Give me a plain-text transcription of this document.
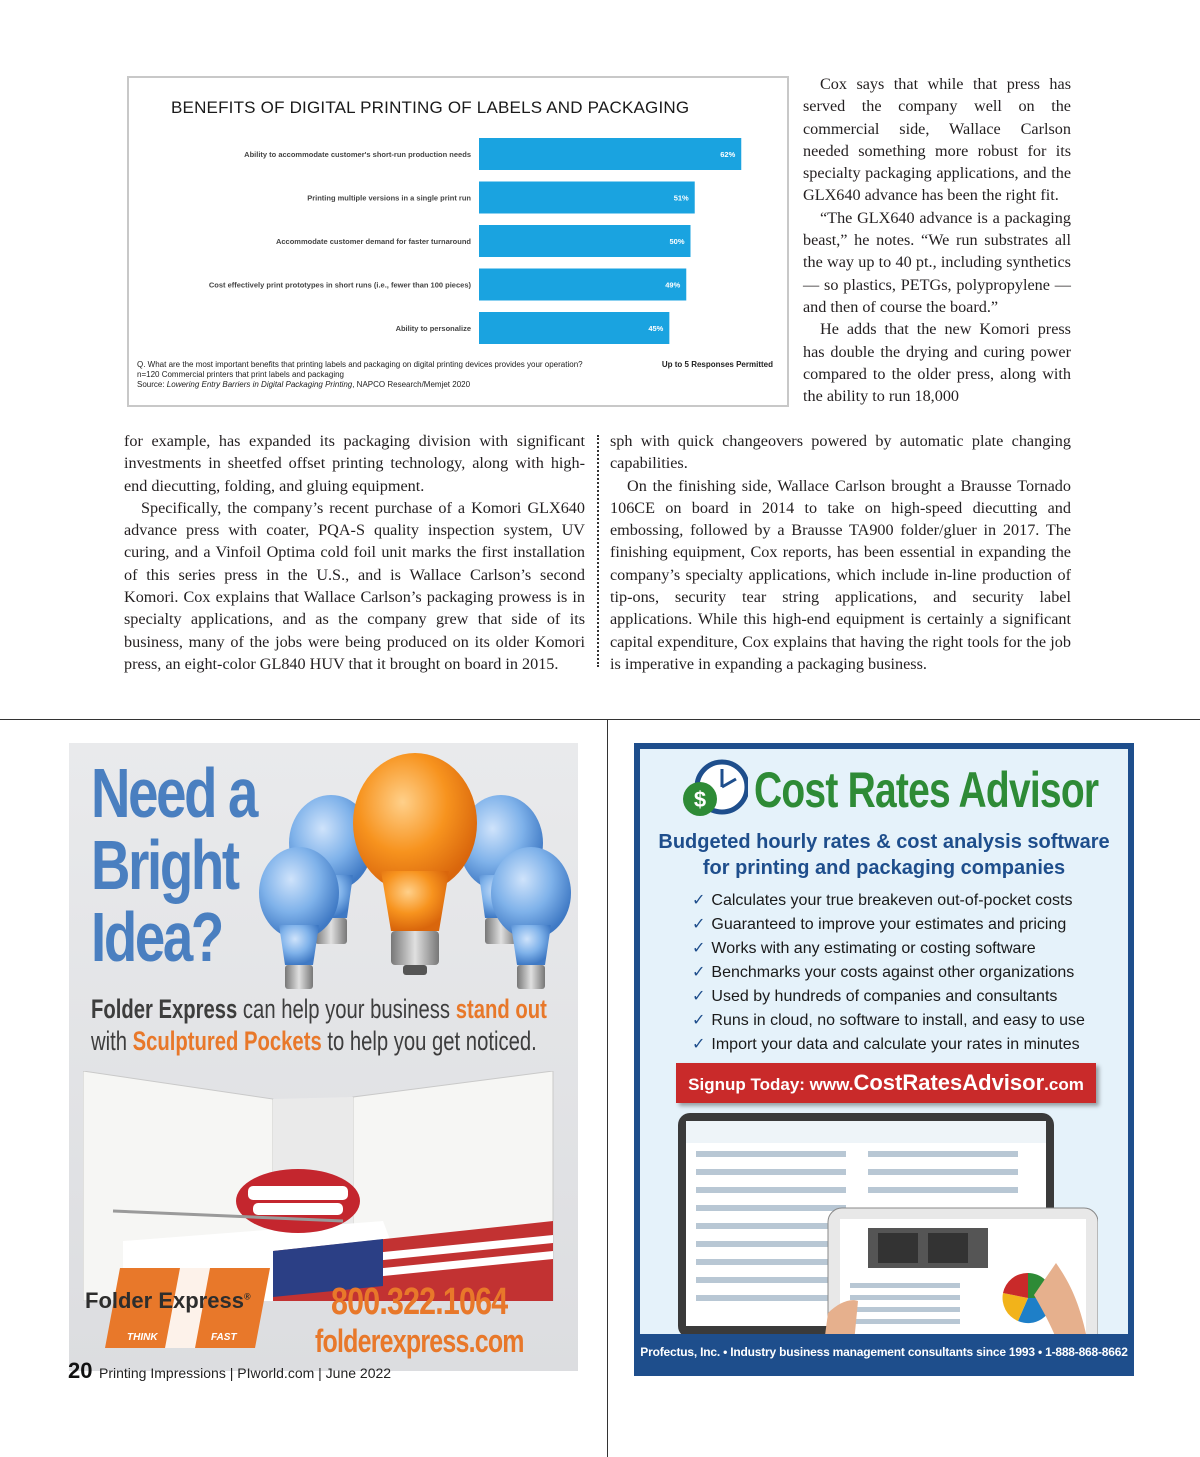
BENEFITS OF DIGITAL PRINTING OF LABELS AND PACKAGING
Ability to accommodate customer's short-run production needs	62%
Printing multiple versions in a single print run	51%
Accommodate customer demand for faster turnaround	50%
Cost effectively print prototypes in short runs (i.e., fewer than 100 pieces)	49%
Ability to personalize	45%
Q. What are the most important benefits that printing labels and packaging on digital printing devices provides your operation?	Up to 5 Responses Permitted
n=120 Commercial printers that print labels and packaging
Source: Lowering Entry Barriers in Digital Packaging Printing, NAPCO Research/Memjet 2020

Cox says that while that press has served the company well on the commercial side, Wallace Carlson needed something more robust for its specialty packaging applications, and the GLX640 advance has been the right fit.

“The GLX640 advance is a packaging beast,” he notes. “We run substrates all the way up to 40 pt., including synthetics — so plastics, PETGs, polypropylene — and then of course the board.”

He adds that the new Komori press has double the drying and curing power compared to the older press, along with the ability to run 18,000

for example, has expanded its packaging division with significant investments in sheetfed offset printing technology, along with high-end diecutting, folding, and gluing equipment.

Specifically, the company’s recent purchase of a Komori GLX640 advance press with coater, PQA-S quality inspection system, UV curing, and a Vinfoil Optima cold foil unit marks the first installation of this series press in the U.S., and is Wallace Carlson’s second Komori. Cox explains that Wallace Carlson’s packaging prowess is in specialty applications, and as the company grew that side of its business, many of the jobs were being produced on its older Komori press, an eight-color GL840 HUV that it brought on board in 2015.

sph with quick changeovers powered by automatic plate changing capabilities.

On the finishing side, Wallace Carlson brought a Brausse Tornado 106CE on board in 2014 to take on high-speed diecutting and embossing, followed by a Brausse TA900 folder/gluer in 2017. The finishing equipment, Cox reports, has been essential in expanding the company’s specialty applications, which include in-line production of tip-ons, security tear string applications, and security label applications. While this high-end equipment is certainly a significant capital expenditure, Cox explains that having the right tools for the job is imperative in expanding a packaging business.

Need a
Bright
Idea?
Folder Express can help your business stand out
with Sculptured Pockets to help you get noticed.
Folder Express®
THINK	FAST
800.322.1064
folderexpress.com
$ Cost Rates Advisor
Budgeted hourly rates & cost analysis software
for printing and packaging companies
✓ Calculates your true breakeven out-of-pocket costs
✓ Guaranteed to improve your estimates and pricing
✓ Works with any estimating or costing software
✓ Benchmarks your costs against other organizations
✓ Used by hundreds of companies and consultants
✓ Runs in cloud, no software to install, and easy to use
✓ Import your data and calculate your rates in minutes
Signup Today: www.CostRatesAdvisor.com
Profectus, Inc. • Industry business management consultants since 1993 • 1-888-868-8662
20 Printing Impressions | PIworld.com | June 2022
